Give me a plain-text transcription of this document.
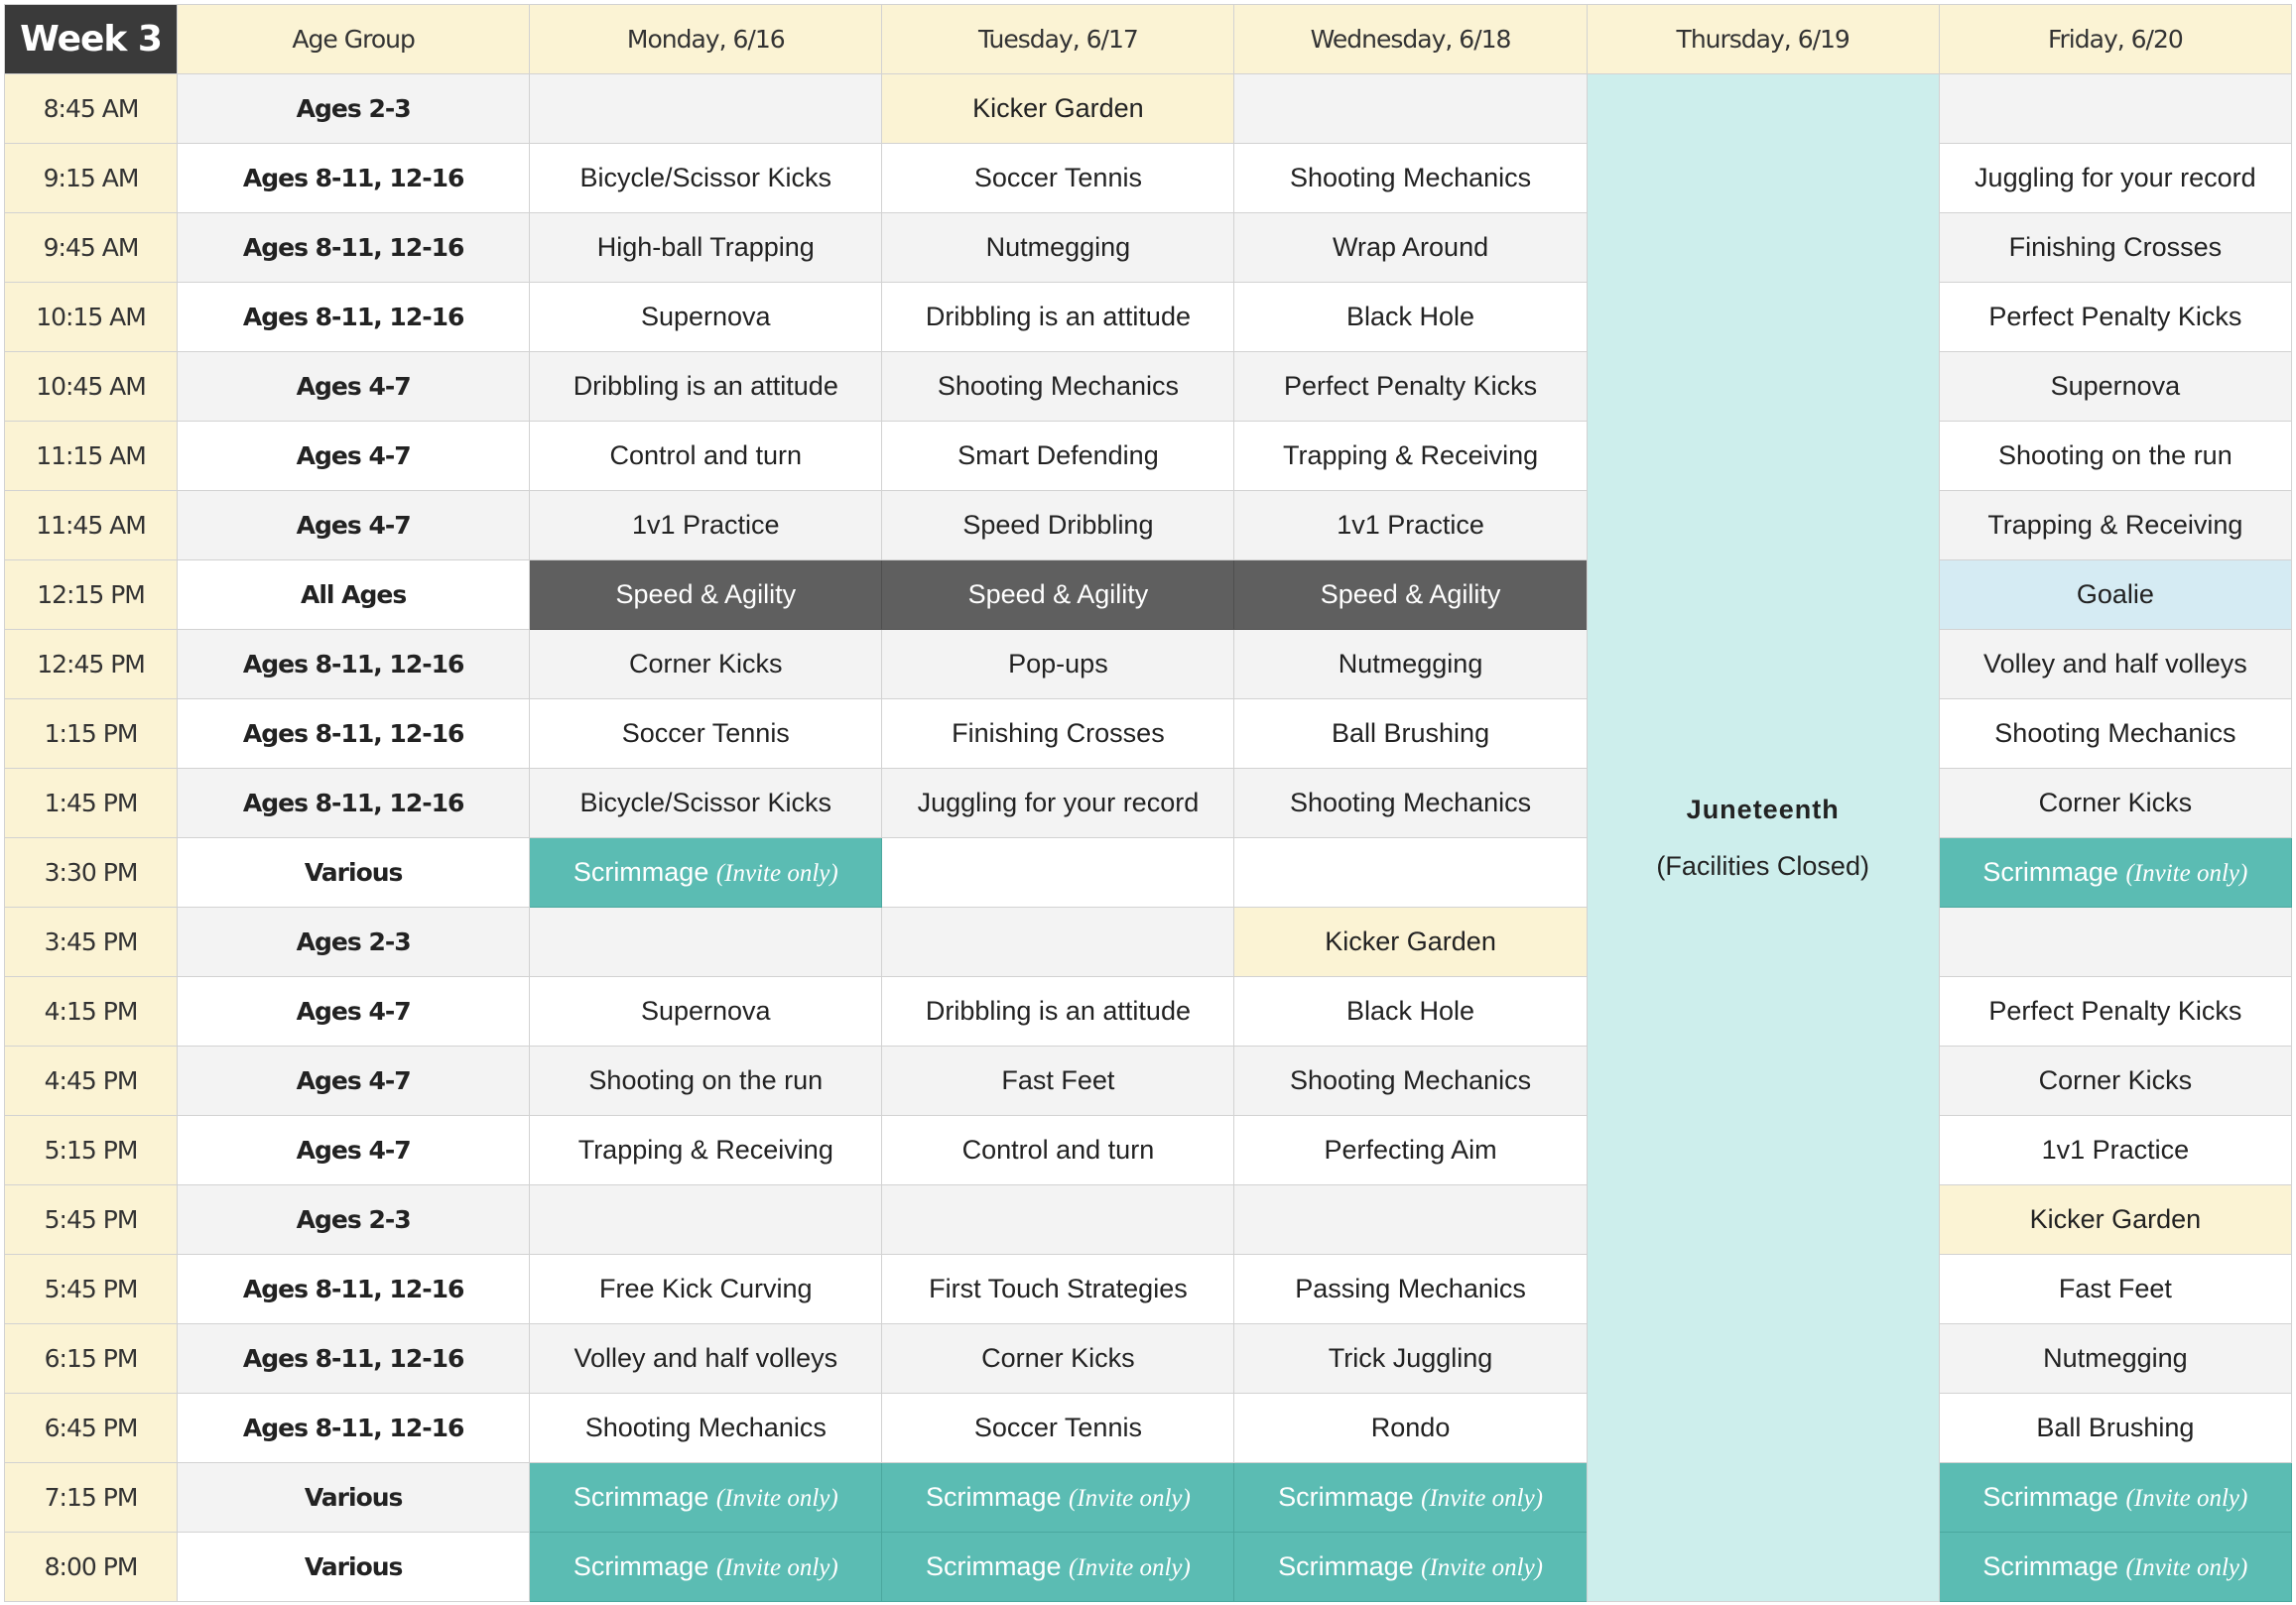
Week 3	Age Group	Monday, 6/16	Tuesday, 6/17	Wednesday, 6/18	Thursday, 6/19	Friday, 6/20
8:45 AM	Ages 2-3		Kicker Garden		Juneteenth
(Facilities Closed)	

9:15 AM	Ages 8-11, 12-16	Bicycle/Scissor Kicks	Soccer Tennis	Shooting Mechanics		Juggling for your record
9:45 AM	Ages 8-11, 12-16	High-ball Trapping	Nutmegging	Wrap Around		Finishing Crosses
10:15 AM	Ages 8-11, 12-16	Supernova	Dribbling is an attitude	Black Hole		Perfect Penalty Kicks
10:45 AM	Ages 4-7	Dribbling is an attitude	Shooting Mechanics	Perfect Penalty Kicks		Supernova
11:15 AM	Ages 4-7	Control and turn	Smart Defending	Trapping & Receiving		Shooting on the run
11:45 AM	Ages 4-7	1v1 Practice	Speed Dribbling	1v1 Practice		Trapping & Receiving
12:15 PM	All Ages	Speed & Agility	Speed & Agility	Speed & Agility		Goalie
12:45 PM	Ages 8-11, 12-16	Corner Kicks	Pop-ups	Nutmegging		Volley and half volleys
1:15 PM	Ages 8-11, 12-16	Soccer Tennis	Finishing Crosses	Ball Brushing		Shooting Mechanics
1:45 PM	Ages 8-11, 12-16	Bicycle/Scissor Kicks	Juggling for your record	Shooting Mechanics		Corner Kicks
3:30 PM	Various	Scrimmage (Invite only)				Scrimmage (Invite only)
3:45 PM	Ages 2-3			Kicker Garden		
4:15 PM	Ages 4-7	Supernova	Dribbling is an attitude	Black Hole		Perfect Penalty Kicks
4:45 PM	Ages 4-7	Shooting on the run	Fast Feet	Shooting Mechanics		Corner Kicks
5:15 PM	Ages 4-7	Trapping & Receiving	Control and turn	Perfecting Aim		1v1 Practice
5:45 PM	Ages 2-3					Kicker Garden
5:45 PM	Ages 8-11, 12-16	Free Kick Curving	First Touch Strategies	Passing Mechanics		Fast Feet
6:15 PM	Ages 8-11, 12-16	Volley and half volleys	Corner Kicks	Trick Juggling		Nutmegging
6:45 PM	Ages 8-11, 12-16	Shooting Mechanics	Soccer Tennis	Rondo		Ball Brushing
7:15 PM	Various	Scrimmage (Invite only)	Scrimmage (Invite only)	Scrimmage (Invite only)		Scrimmage (Invite only)
8:00 PM	Various	Scrimmage (Invite only)	Scrimmage (Invite only)	Scrimmage (Invite only)		Scrimmage (Invite only)
